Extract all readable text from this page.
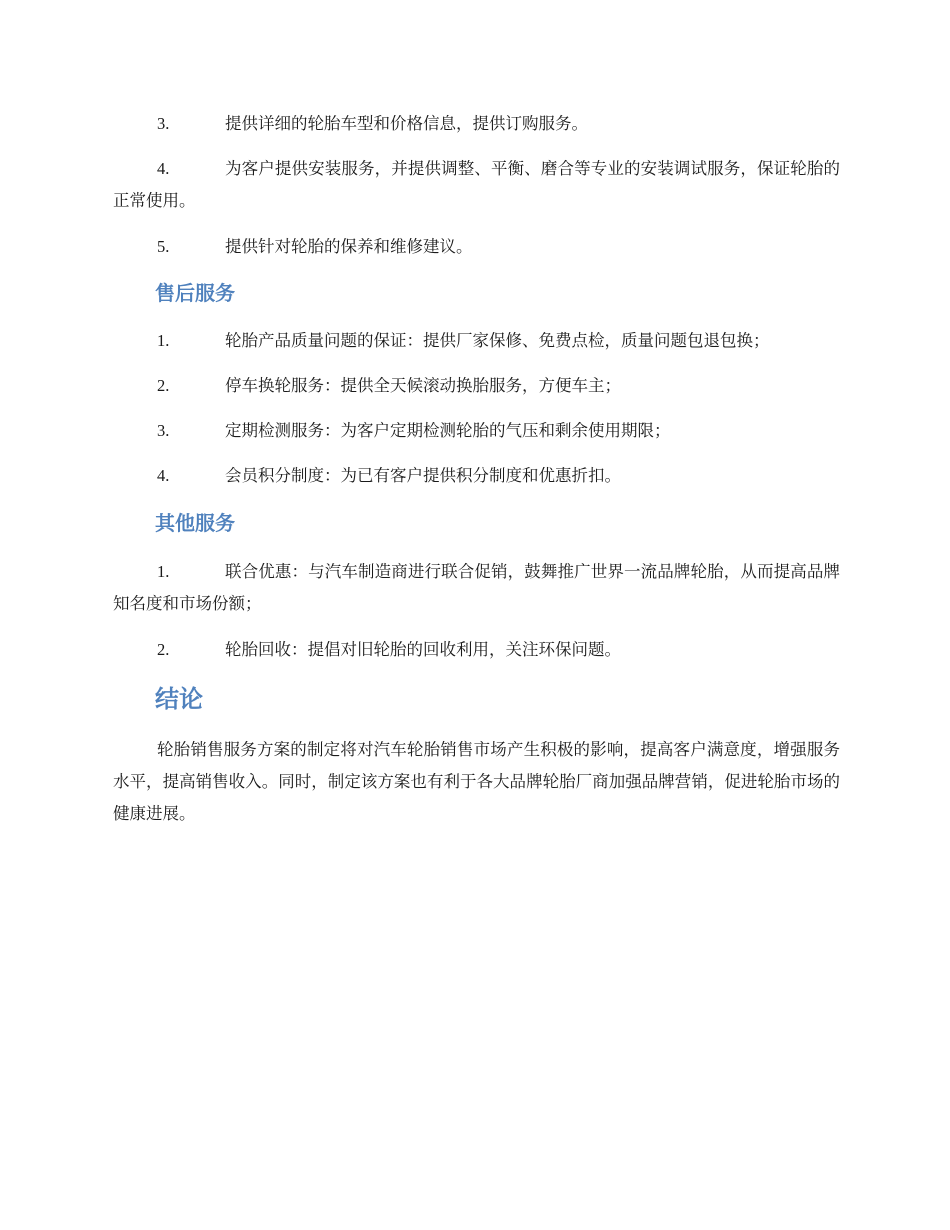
3.	提供详细的轮胎车型和价格信息，提供订购服务。
4.	为客户提供安装服务，并提供调整、平衡、磨合等专业的安装调试服务，保证轮胎的正常使用。
5.	提供针对轮胎的保养和维修建议。
售后服务
1.	轮胎产品质量问题的保证：提供厂家保修、免费点检，质量问题包退包换；
2.	停车换轮服务：提供全天候滚动换胎服务，方便车主；
3.	定期检测服务：为客户定期检测轮胎的气压和剩余使用期限；
4.	会员积分制度：为已有客户提供积分制度和优惠折扣。
其他服务
1.	联合优惠：与汽车制造商进行联合促销，鼓舞推广世界一流品牌轮胎，从而提高品牌知名度和市场份额；
2.	轮胎回收：提倡对旧轮胎的回收利用，关注环保问题。
结论
轮胎销售服务方案的制定将对汽车轮胎销售市场产生积极的影响，提高客户满意度，增强服务水平，提高销售收入。同时，制定该方案也有利于各大品牌轮胎厂商加强品牌营销，促进轮胎市场的健康进展。
